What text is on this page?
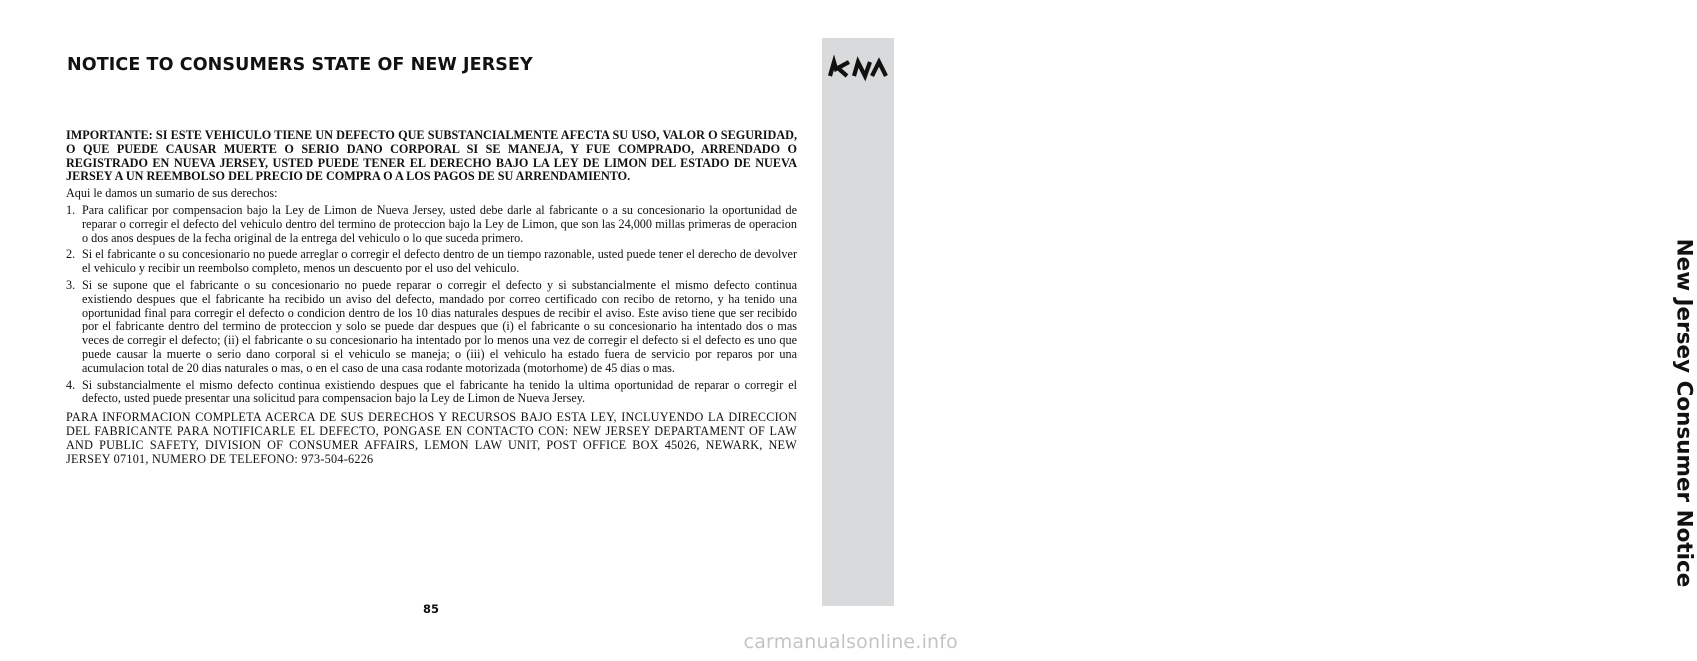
NOTICE TO CONSUMERS STATE OF NEW JERSEY
New Jersey Consumer Notice

IMPORTANTE: SI ESTE VEHICULO TIENE UN DEFECTO QUE SUBSTANCIALMENTE AFECTA SU USO, VALOR O SEGURIDAD, O QUE PUEDE CAUSAR MUERTE O SERIO DANO CORPORAL SI SE MANEJA, Y FUE COMPRADO, ARRENDADO O REGISTRADO EN NUEVA JERSEY, USTED PUEDE TENER EL DERECHO BAJO LA LEY DE LIMON DEL ESTADO DE NUEVA JERSEY A UN REEMBOLSO DEL PRECIO DE COMPRA O A LOS PAGOS DE SU ARRENDAMIENTO.

Aqui le damos un sumario de sus derechos:

1. Para calificar por compensacion bajo la Ley de Limon de Nueva Jersey, usted debe darle al fabricante o a su concesionario la oportunidad de reparar o corregir el defecto del vehiculo dentro del termino de proteccion bajo la Ley de Limon, que son las 24,000 millas primeras de operacion o dos anos despues de la fecha original de la entrega del vehiculo o lo que suceda primero.
2. Si el fabricante o su concesionario no puede arreglar o corregir el defecto dentro de un tiempo razonable, usted puede tener el derecho de devolver el vehiculo y recibir un reembolso completo, menos un descuento por el uso del vehiculo.
3. Si se supone que el fabricante o su concesionario no puede reparar o corregir el defecto y si substancialmente el mismo defecto continua existiendo despues que el fabricante ha recibido un aviso del defecto, mandado por correo certificado con recibo de retorno, y ha tenido una oportunidad final para corregir el defecto o condicion dentro de los 10 dias naturales despues de recibir el aviso. Este aviso tiene que ser recibido por el fabricante dentro del termino de proteccion y solo se puede dar despues que (i) el fabricante o su concesionario ha intentado dos o mas veces de corregir el defecto; (ii) el fabricante o su concesionario ha intentado por lo menos una vez de corregir el defecto si el defecto es uno que puede causar la muerte o serio dano corporal si el vehiculo se maneja; o (iii) el vehiculo ha estado fuera de servicio por reparos por una acumulacion total de 20 dias naturales o mas, o en el caso de una casa rodante motorizada (motorhome) de 45 dias o mas.
4. Si substancialmente el mismo defecto continua existiendo despues que el fabricante ha tenido la ultima oportunidad de reparar o corregir el defecto, usted puede presentar una solicitud para compensacion bajo la Ley de Limon de Nueva Jersey.

PARA INFORMACION COMPLETA ACERCA DE SUS DERECHOS Y RECURSOS BAJO ESTA LEY, INCLUYENDO LA DIRECCION DEL FABRICANTE PARA NOTIFICARLE EL DEFECTO, PONGASE EN CONTACTO CON: NEW JERSEY DEPARTAMENT OF LAW AND PUBLIC SAFETY, DIVISION OF CONSUMER AFFAIRS, LEMON LAW UNIT, POST OFFICE BOX 45026, NEWARK, NEW JERSEY 07101, NUMERO DE TELEFONO: 973-504-6226

85
carmanualsonline.info
